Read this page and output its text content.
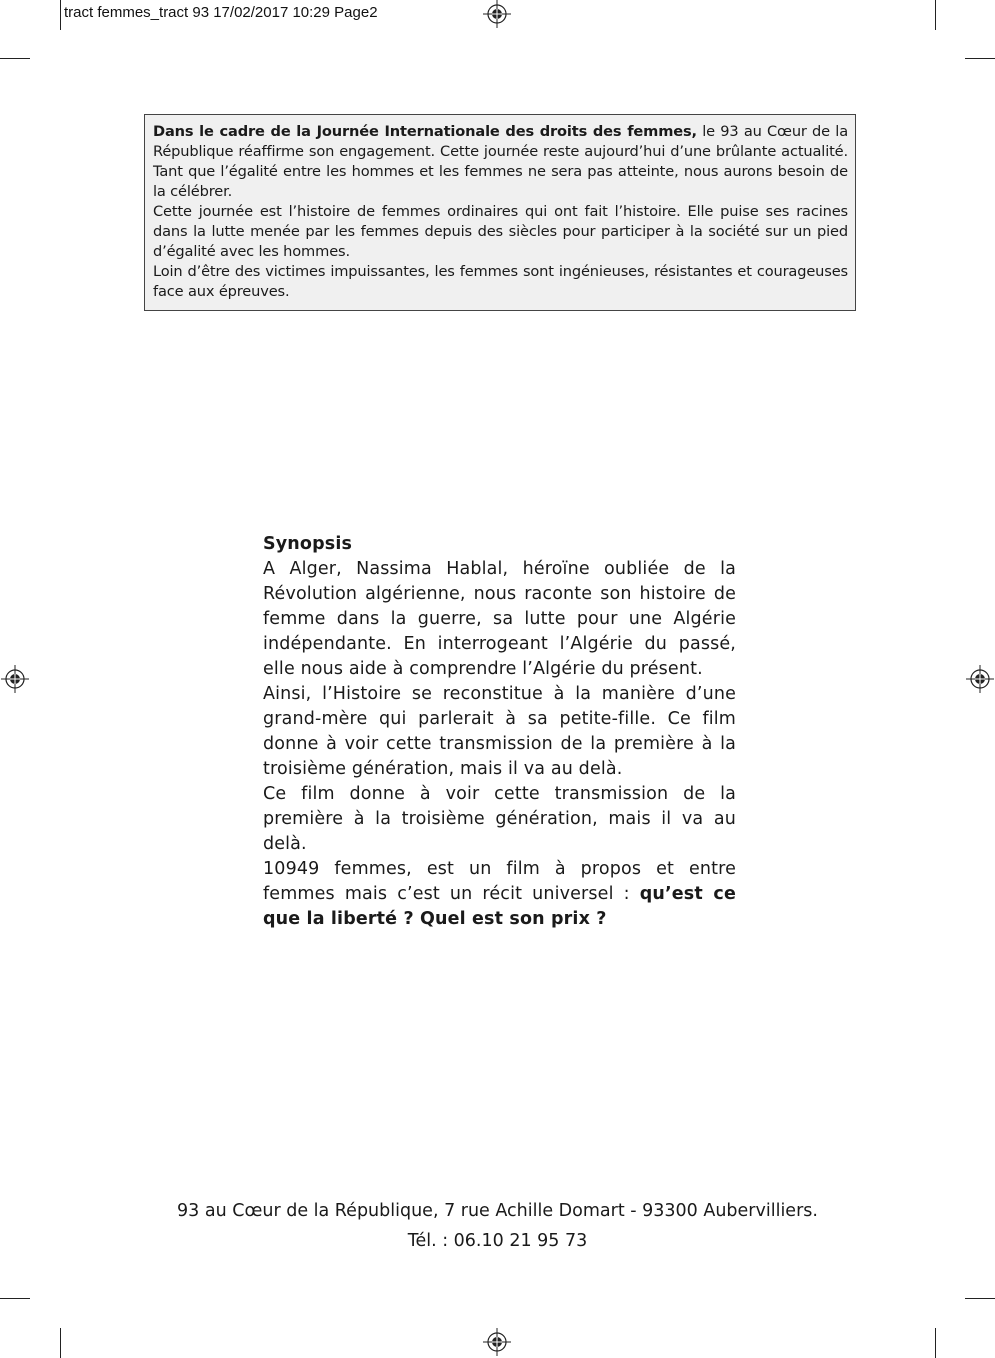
tract femmes_tract 93 17/02/2017 10:29 Page2

Dans le cadre de la Journée Internationale des droits des femmes, le 93 au Cœur de la République réaffirme son engagement. Cette journée reste aujourd’hui d’une brûlante actualité. Tant que l’égalité entre les hommes et les femmes ne sera pas atteinte, nous aurons besoin de la célébrer.

Cette journée est l’histoire de femmes ordinaires qui ont fait l’histoire. Elle puise ses racines dans la lutte menée par les femmes depuis des siècles pour participer à la société sur un pied d’égalité avec les hommes.

Loin d’être des victimes impuissantes, les femmes sont ingénieuses, résistantes et courageuses face aux épreuves.

Synopsis

A Alger, Nassima Hablal, héroïne oubliée de la Révolution algérienne, nous raconte son histoire de femme dans la guerre, sa lutte pour une Algérie indépendante. En interrogeant l’Algérie du passé, elle nous aide à comprendre l’Algérie du présent.

Ainsi, l’Histoire se reconstitue à la manière d’une grand-mère qui parlerait à sa petite-fille. Ce film donne à voir cette transmission de la première à la troisième génération, mais il va au delà.

Ce film donne à voir cette transmission de la première à la troisième génération, mais il va au delà.

10949 femmes, est un film à propos et entre femmes mais c’est un récit universel : qu’est ce que la liberté ? Quel est son prix ?

93 au Cœur de la République, 7 rue Achille Domart - 93300 Aubervilliers.
Tél. : 06.10 21 95 73
